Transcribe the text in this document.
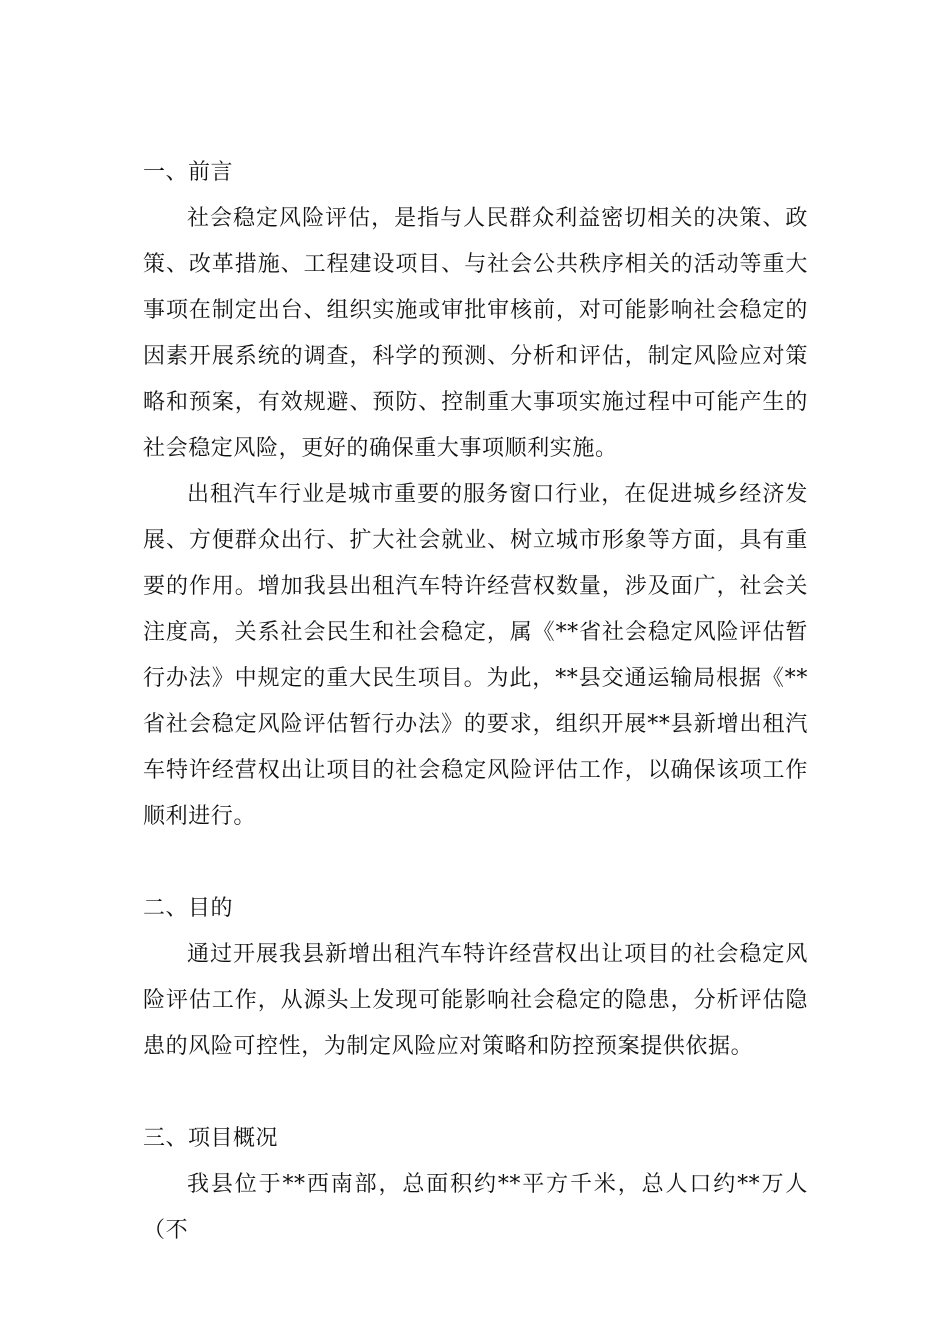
一、前言

社会稳定风险评估，是指与人民群众利益密切相关的决策、政策、改革措施、工程建设项目、与社会公共秩序相关的活动等重大事项在制定出台、组织实施或审批审核前，对可能影响社会稳定的因素开展系统的调查，科学的预测、分析和评估，制定风险应对策略和预案，有效规避、预防、控制重大事项实施过程中可能产生的社会稳定风险，更好的确保重大事项顺利实施。

出租汽车行业是城市重要的服务窗口行业，在促进城乡经济发展、方便群众出行、扩大社会就业、树立城市形象等方面，具有重要的作用。增加我县出租汽车特许经营权数量，涉及面广，社会关注度高，关系社会民生和社会稳定，属《**省社会稳定风险评估暂行办法》中规定的重大民生项目。为此，**县交通运输局根据《**省社会稳定风险评估暂行办法》的要求，组织开展**县新增出租汽车特许经营权出让项目的社会稳定风险评估工作，以确保该项工作顺利进行。

二、目的

通过开展我县新增出租汽车特许经营权出让项目的社会稳定风险评估工作，从源头上发现可能影响社会稳定的隐患，分析评估隐患的风险可控性，为制定风险应对策略和防控预案提供依据。

三、项目概况

我县位于**西南部，总面积约**平方千米，总人口约**万人（不
